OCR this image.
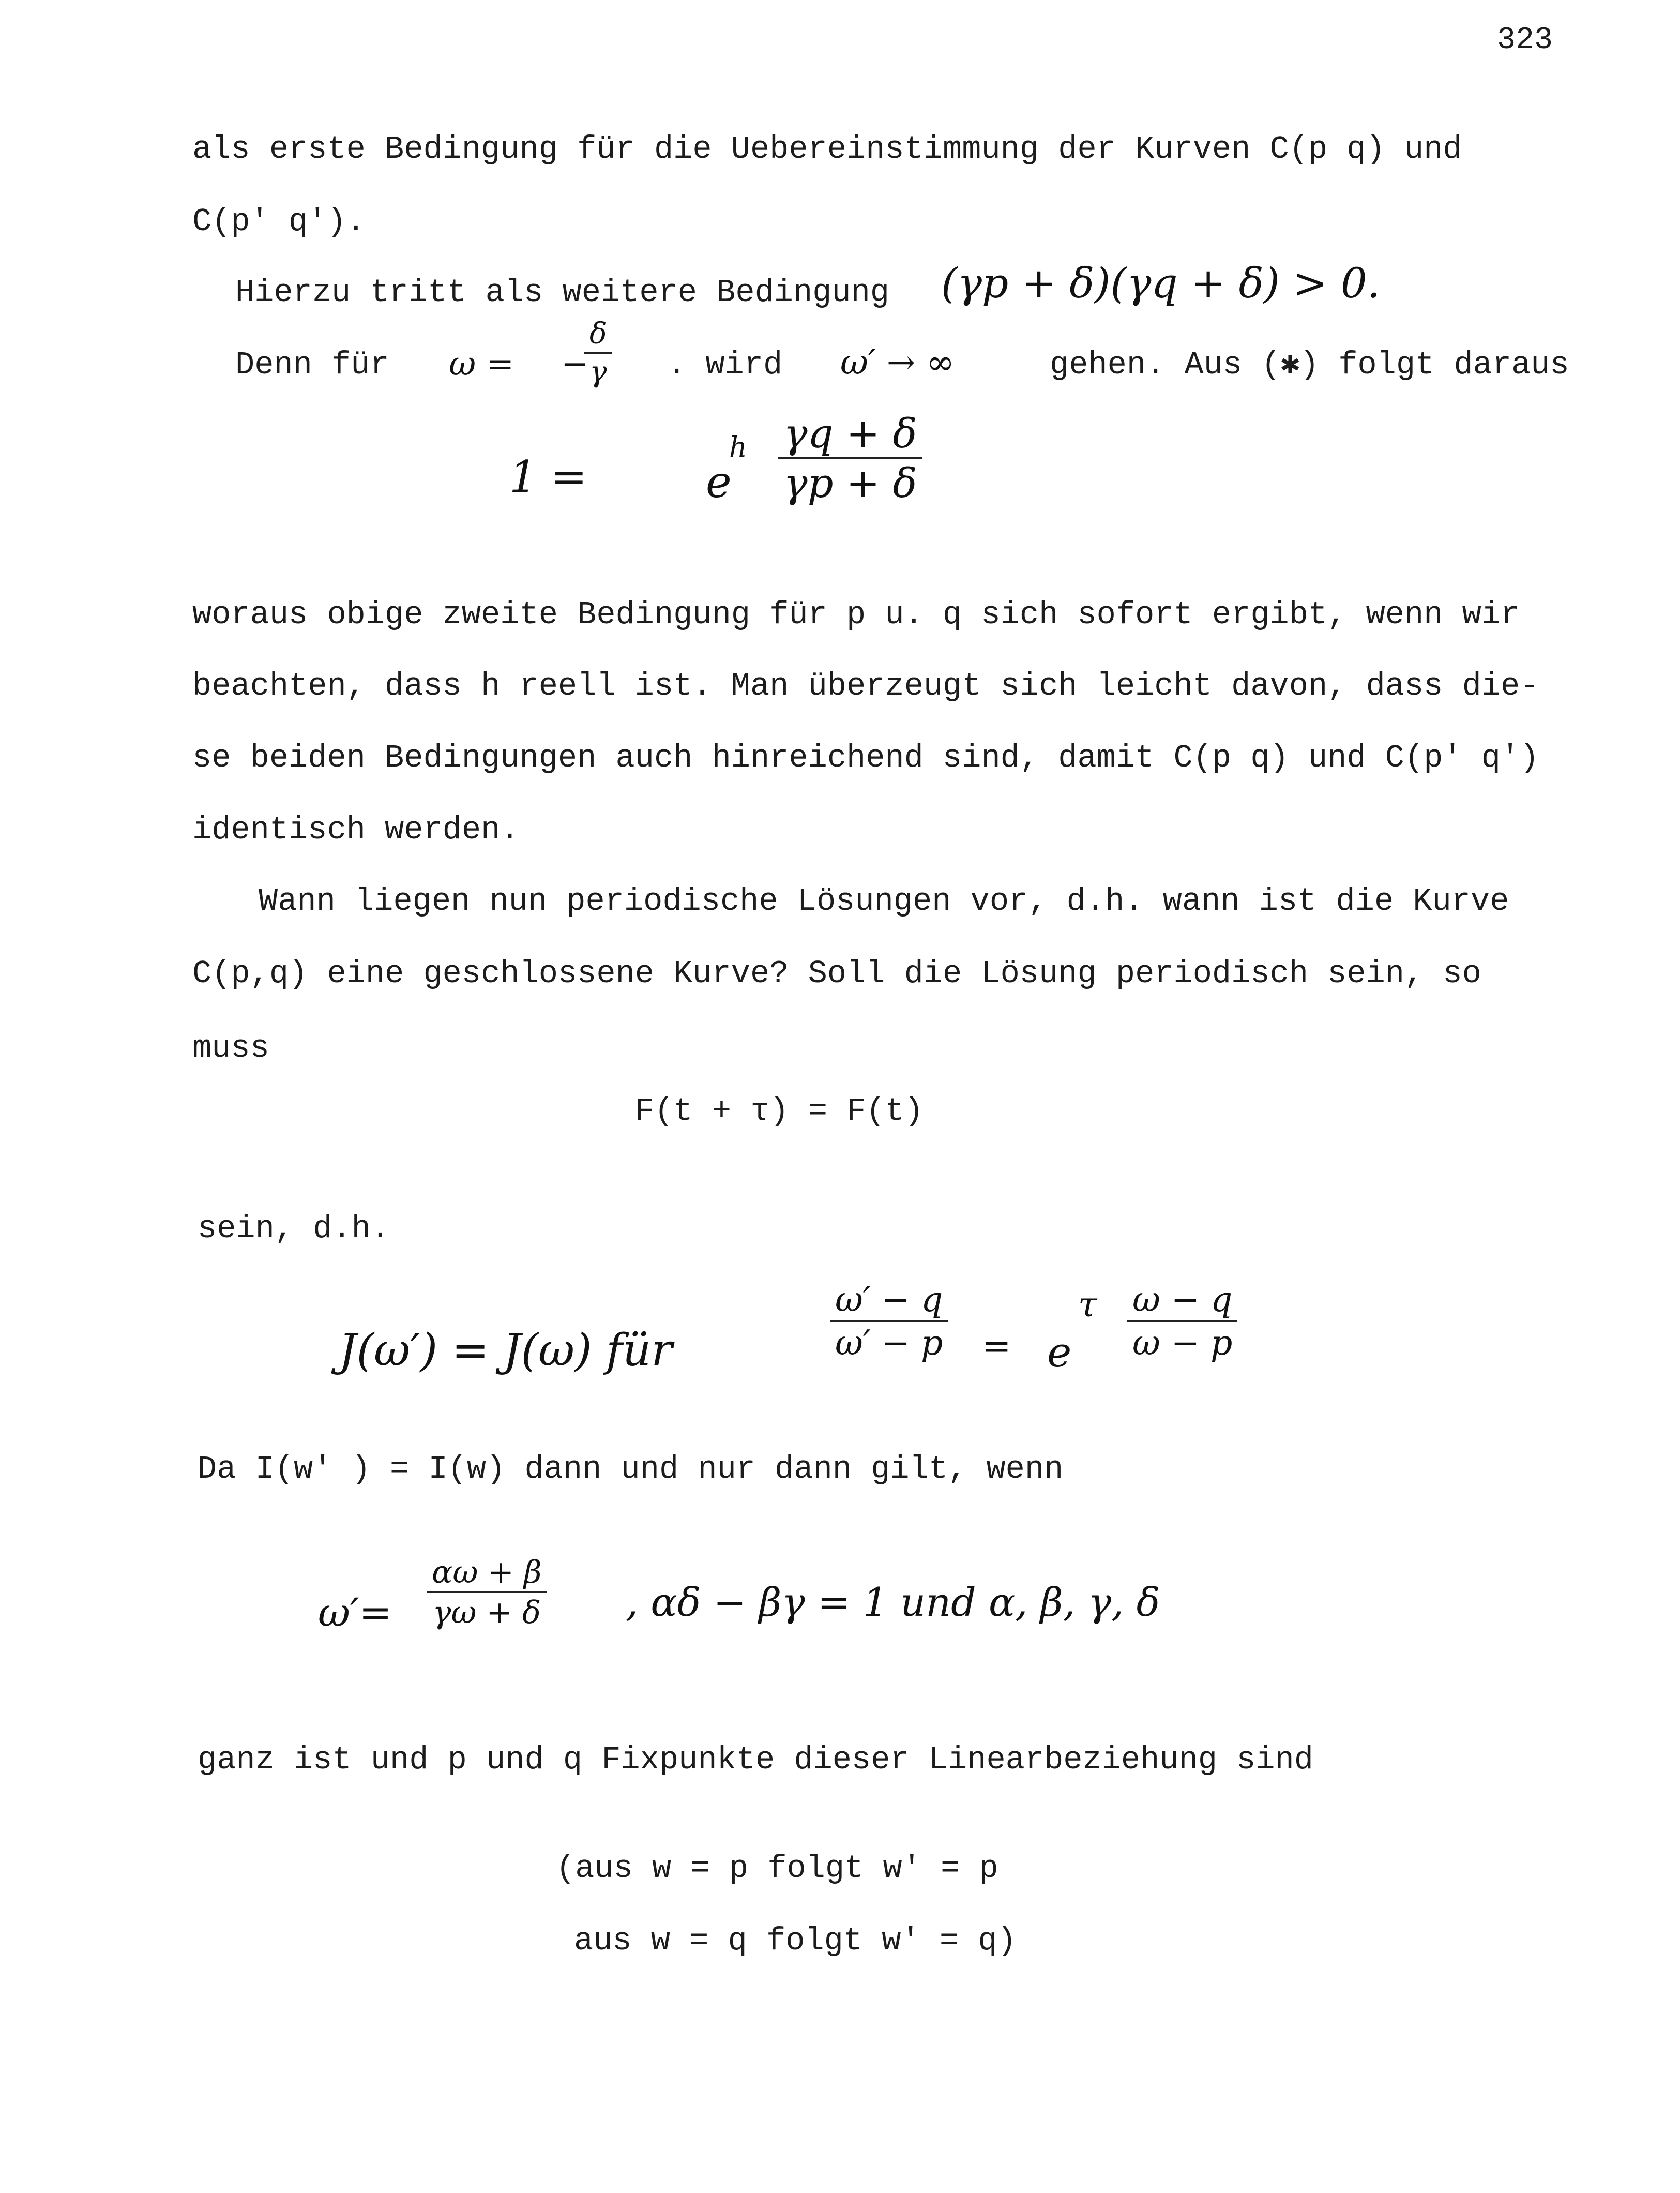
323
als erste Bedingung für die Uebereinstimmung der Kurven C(p q) und
C(p′ q′).
Hierzu tritt als weitere Bedingung (γp + δ)(γq + δ) > 0.
Denn für ω = −
$\frac{\delta}{\gamma}$ . wird ω′ → ∞	gehen. Aus (✱) folgt daraus
1 =	e
h $\frac{\gamma q + \delta}{\gamma p + \delta}$
woraus obige zweite Bedingung für p u. q sich sofort ergibt, wenn wir
beachten, dass h reell ist. Man überzeugt sich leicht davon, dass die-
se beiden Bedingungen auch hinreichend sind, damit C(p q) und C(p′ q′)
identisch werden.
Wann liegen nun periodische Lösungen vor, d.h. wann ist die Kurve
C(p,q) eine geschlossene Kurve? Soll die Lösung periodisch sein, so
muss
F(t + τ) = F(t)
sein, d.h.
J(ω′) = J(ω) für	$\frac{\omega' - q}{\omega' - p} = e$
τ $\frac{\omega - q}{\omega - p}$
Da I(w′ ) = I(w) dann und nur dann gilt, wenn
$\omega'= \frac{\alpha\omega + \beta}{\gamma\omega + \delta}$ , αδ − βγ = 1 und α, β, γ, δ
ganz ist und p und q Fixpunkte dieser Linearbeziehung sind
(aus w = p folgt w′ = p
aus w = q folgt w′ = q)
